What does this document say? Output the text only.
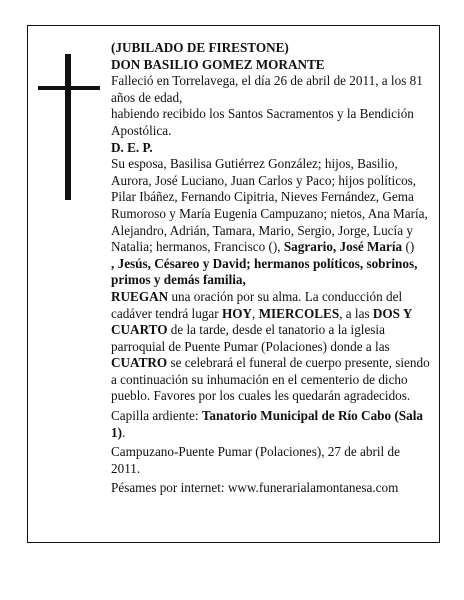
(JUBILADO DE FIRESTONE)

DON BASILIO GOMEZ MORANTE

Falleció en Torrelavega, el día 26 de abril de 2011, a los 81 años de edad,

habiendo recibido los Santos Sacramentos y la Bendición Apostólica.

D. E. P.

Su esposa, Basilisa Gutiérrez González; hijos, Basilio, Aurora, José Luciano, Juan Carlos y Paco; hijos políticos, Pilar Ibáñez, Fernando Cipitria, Nieves Fernández, Gema Rumoroso y María Eugenia Campuzano; nietos, Ana María, Alejandro, Adrián, Tamara, Mario, Sergio, Jorge, Lucía y Natalia; hermanos, Francisco (), Sagrario, José María ()

, Jesús, Césareo y David; hermanos políticos, sobrinos, primos y demás familia,

RUEGAN una oración por su alma. La conducción del cadáver tendrá lugar HOY, MIERCOLES, a las DOS Y CUARTO de la tarde, desde el tanatorio a la iglesia parroquial de Puente Pumar (Polaciones) donde a las CUATRO se celebrará el funeral de cuerpo presente, siendo a continuación su inhumación en el cementerio de dicho pueblo. Favores por los cuales les quedarán agradecidos.

Capilla ardiente: Tanatorio Municipal de Río Cabo (Sala 1).

Campuzano-Puente Pumar (Polaciones), 27 de abril de 2011.

Pésames por internet: www.funerarialamontanesa.com
